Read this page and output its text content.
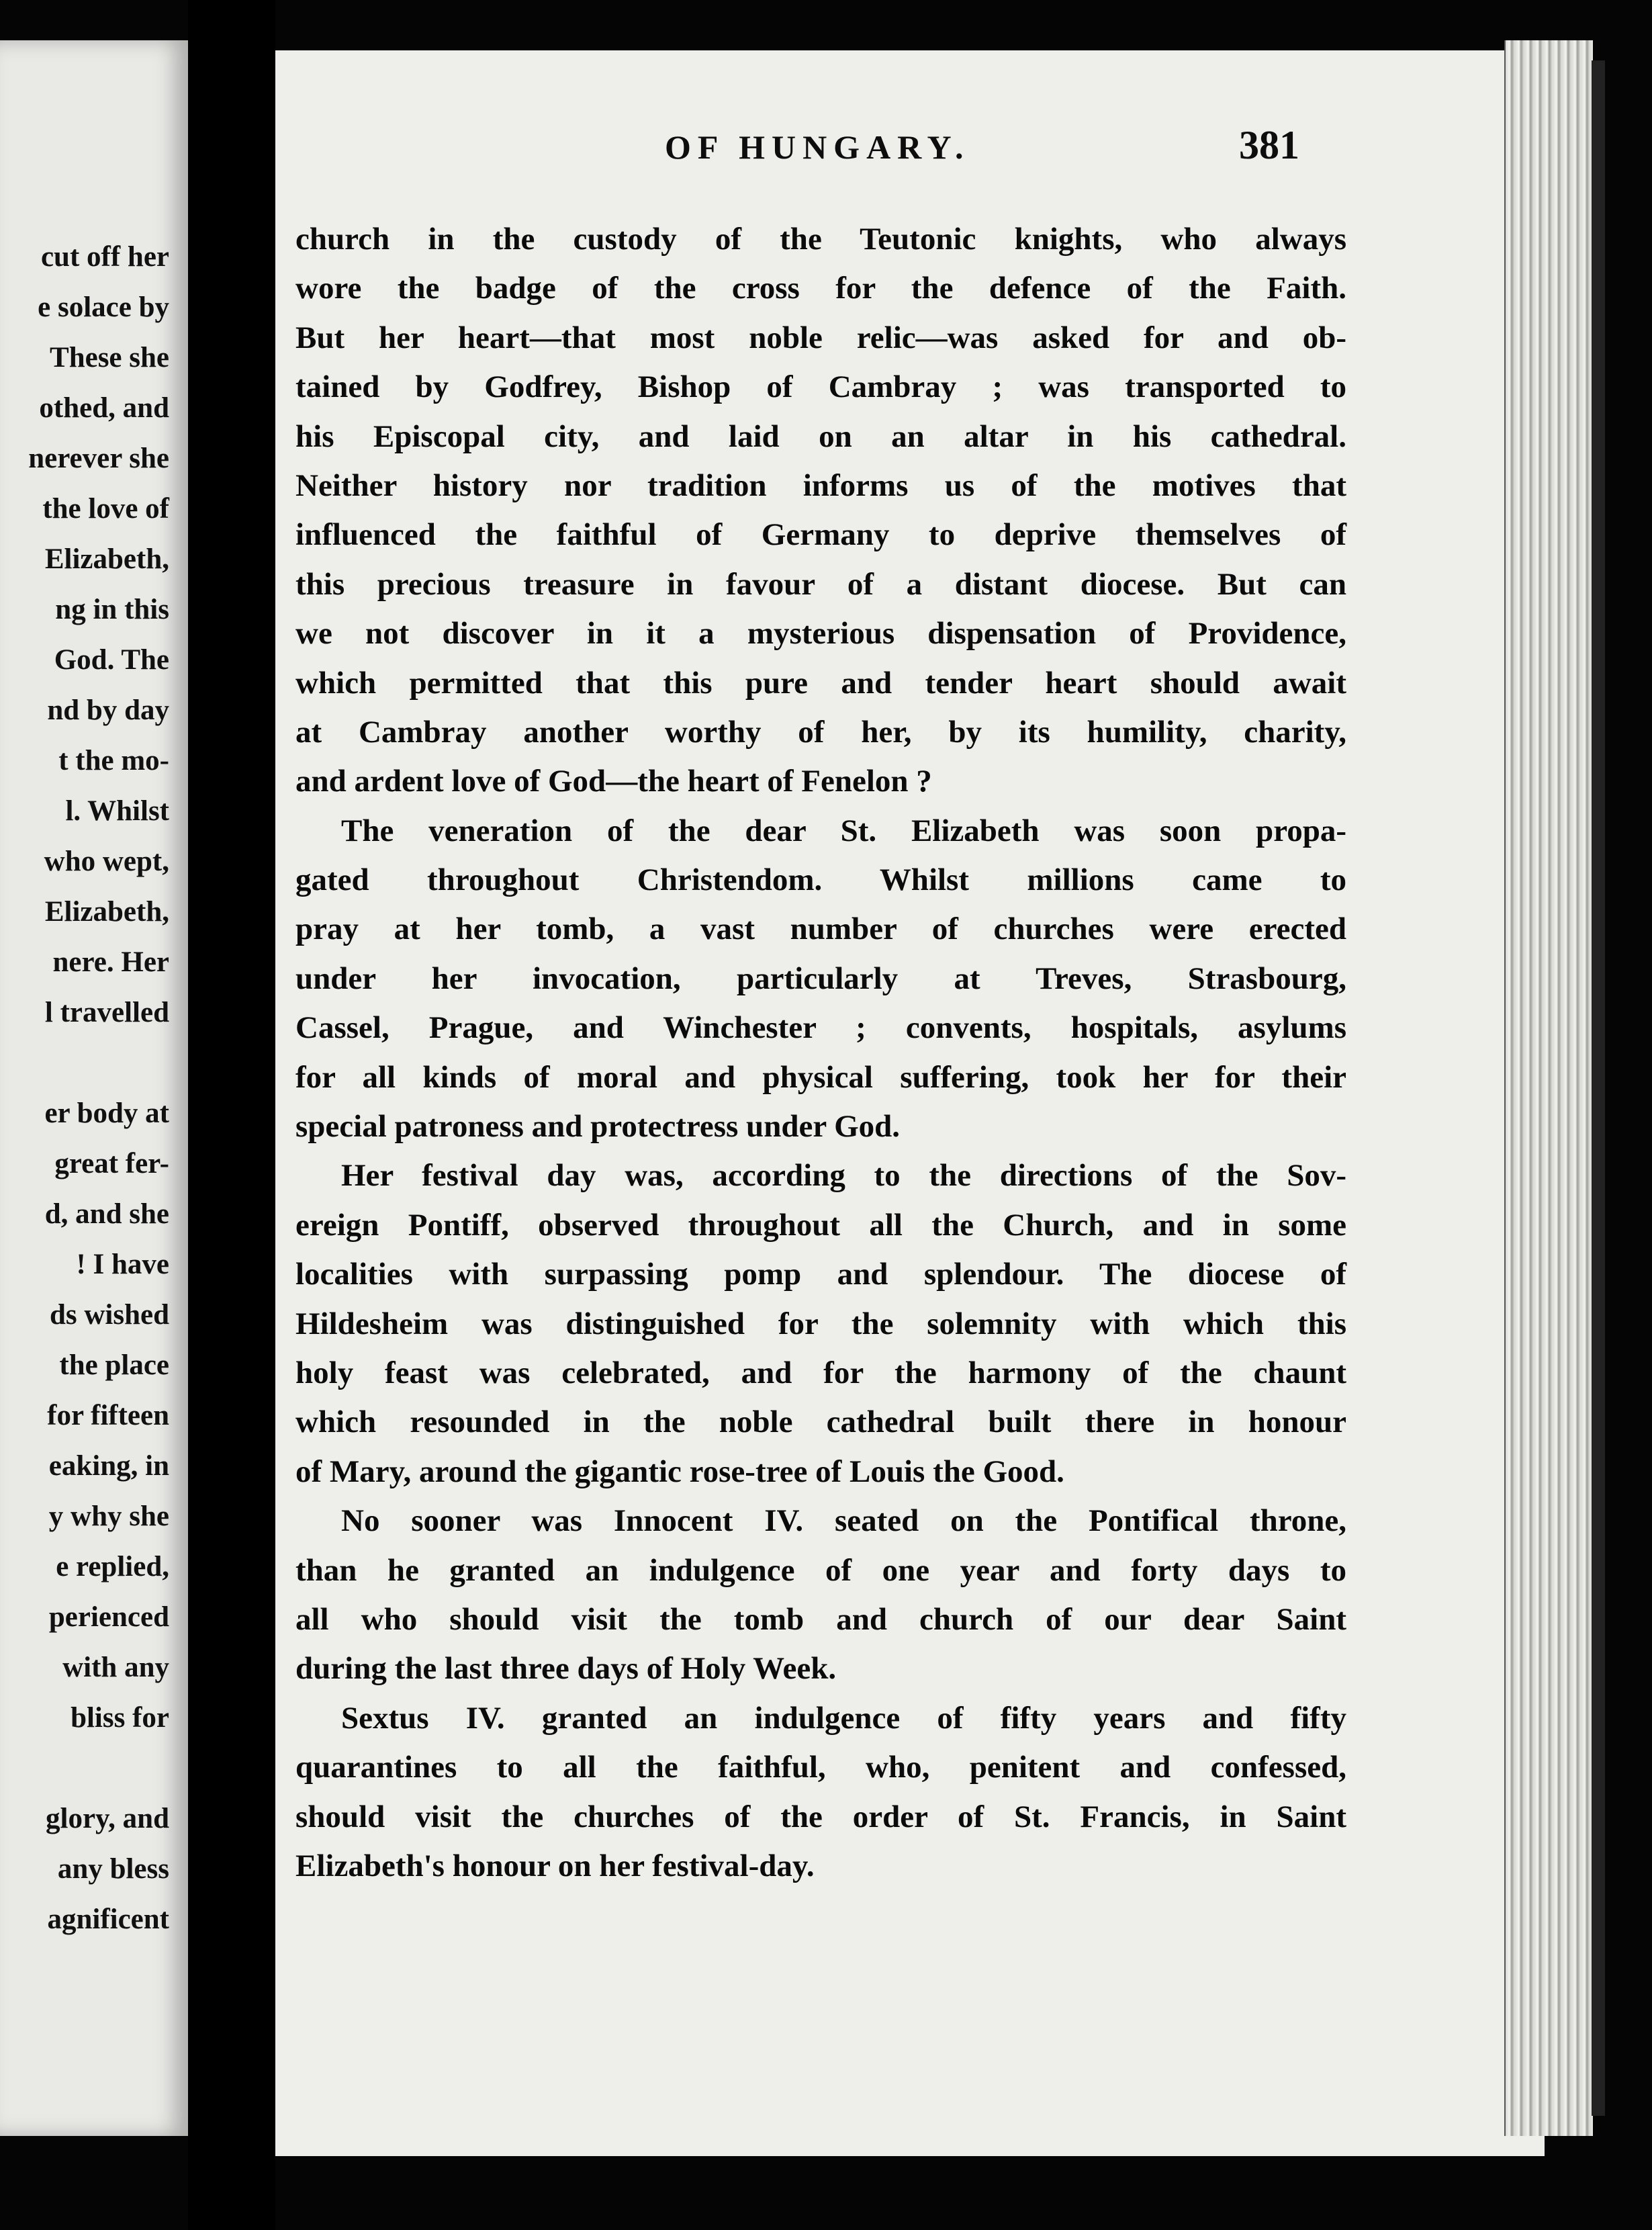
cut off her
e solace by
These she
othed, and
nerever she
the love of
Elizabeth,
ng in this
God. The
nd by day
t the mo-
l. Whilst
who wept,
Elizabeth,
nere. Her
l travelled
er body at
great fer-
d, and she
! I have
ds wished
the place
for fifteen
eaking, in
y why she
e replied,
perienced
with any
bliss for
glory, and
any bless
agnificent
OF HUNGARY.	381
church in the custody of the Teutonic knights, who always
wore the badge of the cross for the defence of the Faith.
But her heart—that most noble relic—was asked for and ob-
tained by Godfrey, Bishop of Cambray ; was transported to
his Episcopal city, and laid on an altar in his cathedral.
Neither history nor tradition informs us of the motives that
influenced the faithful of Germany to deprive themselves of
this precious treasure in favour of a distant diocese. But can
we not discover in it a mysterious dispensation of Providence,
which permitted that this pure and tender heart should await
at Cambray another worthy of her, by its humility, charity,
and ardent love of God—the heart of Fenelon ?
The veneration of the dear St. Elizabeth was soon propa-
gated throughout Christendom. Whilst millions came to
pray at her tomb, a vast number of churches were erected
under her invocation, particularly at Treves, Strasbourg,
Cassel, Prague, and Winchester ; convents, hospitals, asylums
for all kinds of moral and physical suffering, took her for their
special patroness and protectress under God.
Her festival day was, according to the directions of the Sov-
ereign Pontiff, observed throughout all the Church, and in some
localities with surpassing pomp and splendour. The diocese of
Hildesheim was distinguished for the solemnity with which this
holy feast was celebrated, and for the harmony of the chaunt
which resounded in the noble cathedral built there in honour
of Mary, around the gigantic rose-tree of Louis the Good.
No sooner was Innocent IV. seated on the Pontifical throne,
than he granted an indulgence of one year and forty days to
all who should visit the tomb and church of our dear Saint
during the last three days of Holy Week.
Sextus IV. granted an indulgence of fifty years and fifty
quarantines to all the faithful, who, penitent and confessed,
should visit the churches of the order of St. Francis, in Saint
Elizabeth's honour on her festival-day.
